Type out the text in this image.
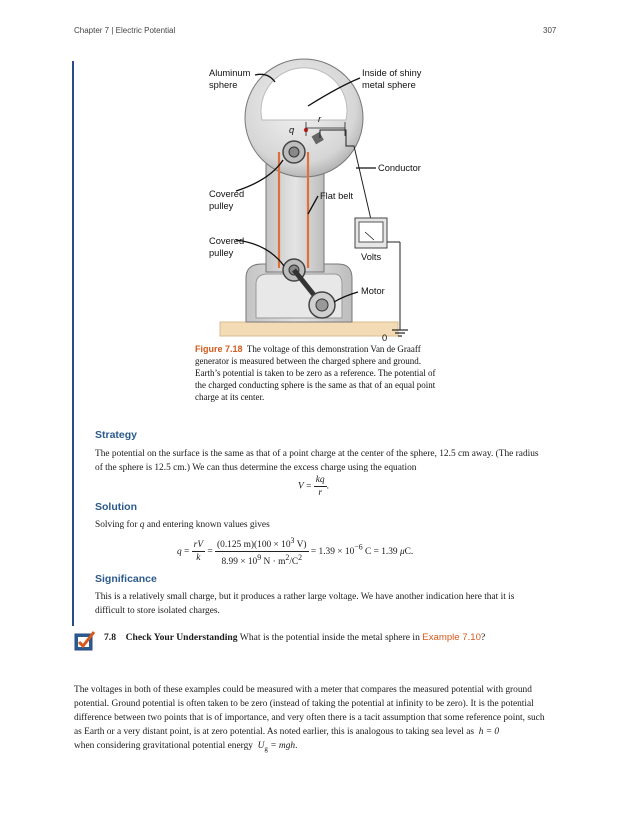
Chapter 7 | Electric Potential	307
Aluminum sphere
Inside of shiny metal sphere
q
r
Conductor
Covered pulley
Flat belt
Covered pulley	Volts
Motor
0
Figure 7.18 The voltage of this demonstration Van de Graaff generator is measured between the charged sphere and ground. Earth’s potential is taken to be zero as a reference. The potential of the charged conducting sphere is the same as that of an equal point charge at its center.
Strategy
The potential on the surface is the same as that of a point charge at the center of the sphere, 12.5 cm away. (The radius of the sphere is 12.5 cm.) We can thus determine the excess charge using the equation
$V = \frac{kq}{r}$ .
Solution
Solving for q and entering known values gives
$q = \frac{rV}{k} = \frac{(0.125 m)(100 \times 10^3 V)}{8.99 \times 10^9 N \cdot m^2/C^2} = 1.39 \times 10^{-6}$ C = 1.39 μC.
Significance
This is a relatively small charge, but it produces a rather large voltage. We have another indication here that it is difficult to store isolated charges.
7.8 Check Your Understanding What is the potential inside the metal sphere in Example 7.10?
The voltages in both of these examples could be measured with a meter that compares the measured potential with ground potential. Ground potential is often taken to be zero (instead of taking the potential at infinity to be zero). It is the potential difference between two points that is of importance, and very often there is a tacit assumption that some reference point, such as Earth or a very distant point, is at zero potential. As noted earlier, this is analogous to taking sea level as h = 0
when considering gravitational potential energy $U_g$ = mgh.
